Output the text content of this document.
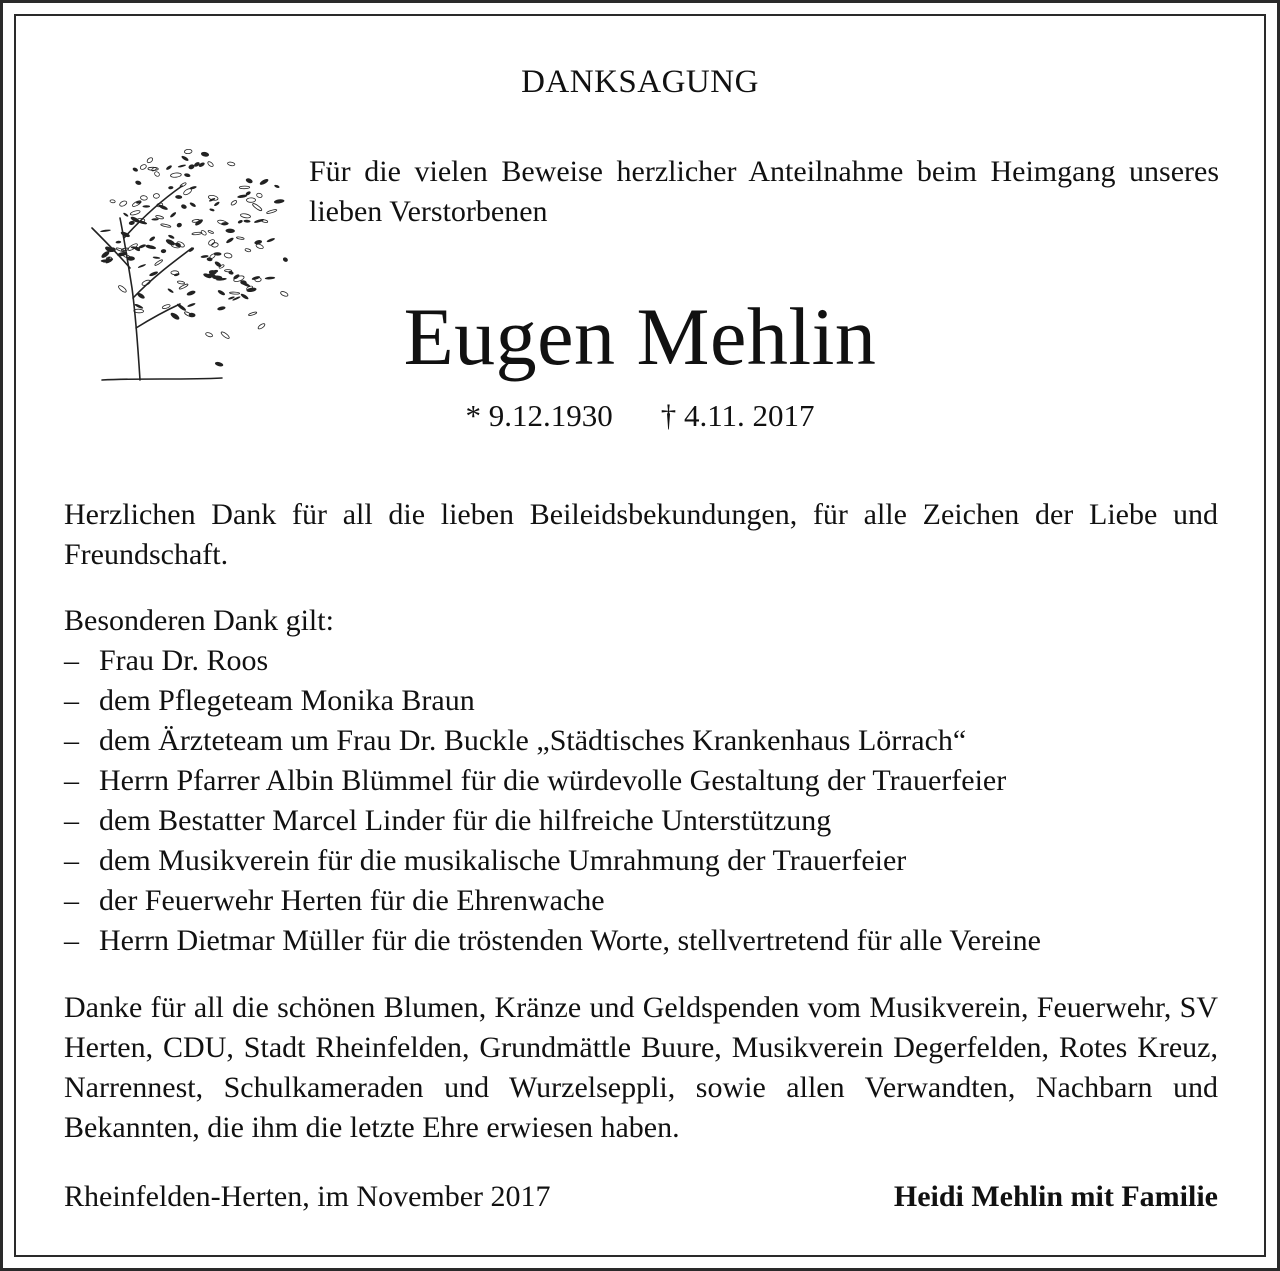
DANKSAGUNG
Für die vielen Beweise herzlicher Anteilnahme beim Heimgang unseres lieben Verstorbenen
Eugen Mehlin
* 9.12.1930 † 4.11. 2017
Herzlichen Dank für all die lieben Beileidsbekundungen, für alle Zeichen der Liebe und Freundschaft.
Besonderen Dank gilt:
– Frau Dr. Roos
– dem Pflegeteam Monika Braun
– dem Ärzteteam um Frau Dr. Buckle „Städtisches Krankenhaus Lörrach“
– Herrn Pfarrer Albin Blümmel für die würdevolle Gestaltung der Trauerfeier
– dem Bestatter Marcel Linder für die hilfreiche Unterstützung
– dem Musikverein für die musikalische Umrahmung der Trauerfeier
– der Feuerwehr Herten für die Ehrenwache
– Herrn Dietmar Müller für die tröstenden Worte, stellvertretend für alle Vereine
Danke für all die schönen Blumen, Kränze und Geldspenden vom Musikverein, Feuerwehr, SV Herten, CDU, Stadt Rheinfelden, Grundmättle Buure, Musikverein Degerfelden, Rotes Kreuz, Narrennest, Schulkameraden und Wurzelseppli, sowie allen Verwandten, Nachbarn und Bekannten, die ihm die letzte Ehre erwiesen haben.
Rheinfelden-Herten, im November 2017	Heidi Mehlin mit Familie
